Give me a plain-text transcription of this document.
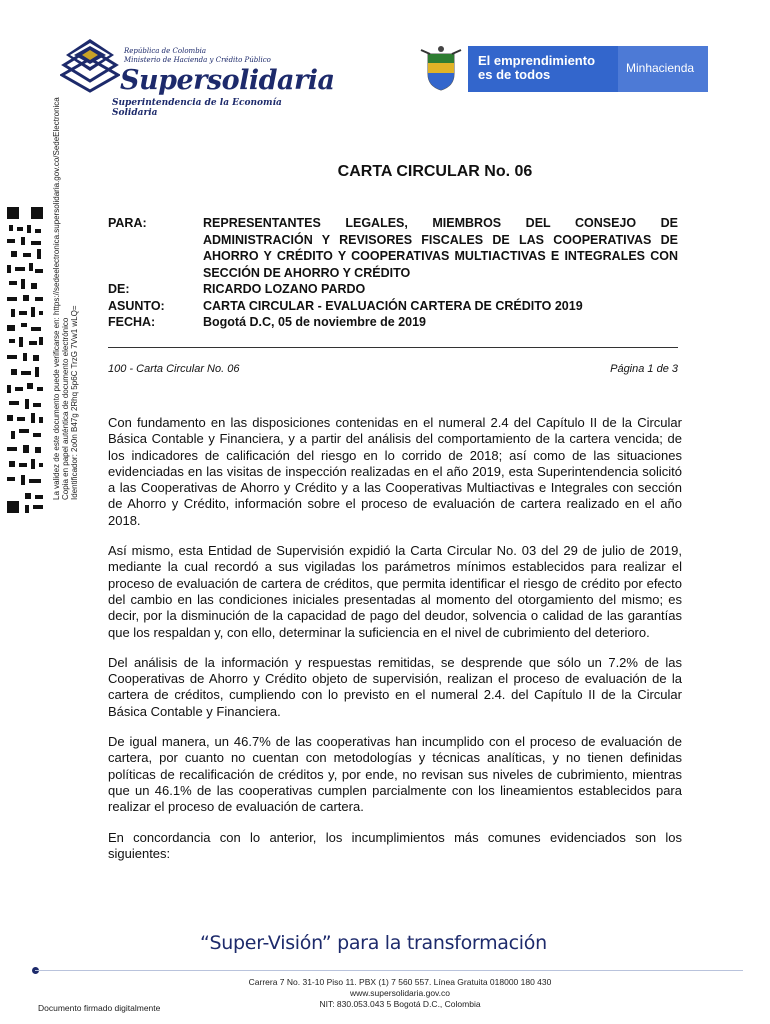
República de Colombia
Ministerio de Hacienda y Crédito Público
Supersolidaria
Superintendencia de la Economía Solidaria
El emprendimiento
es de todos	Minhacienda
La validez de este documento puede verificarse en: https://sedeelectronica.supersolidaria.gov.co/SedeElectronica Copia en papel auténtica de documento electrónico Identificador: 2o0n B47g 2Rhq 5p6C TrzG 7Vw1 wLQ=
CARTA CIRCULAR No. 06
PARA:	REPRESENTANTES LEGALES, MIEMBROS DEL CONSEJO DE ADMINISTRACIÓN Y REVISORES FISCALES DE LAS COOPERATIVAS DE AHORRO Y CRÉDITO Y COOPERATIVAS MULTIACTIVAS E INTEGRALES CON SECCIÓN DE AHORRO Y CRÉDITO
DE:	RICARDO LOZANO PARDO
ASUNTO:	CARTA CIRCULAR - EVALUACIÓN CARTERA DE CRÉDITO 2019
FECHA:	Bogotá D.C, 05 de noviembre de 2019
100 - Carta Circular No. 06	Página 1 de 3

Con fundamento en las disposiciones contenidas en el numeral 2.4 del Capítulo II de la Circular Básica Contable y Financiera, y a partir del análisis del comportamiento de la cartera vencida; de los indicadores de calificación del riesgo en lo corrido de 2018; así como de las situaciones evidenciadas en las visitas de inspección realizadas en el año 2019, esta Superintendencia solicitó a las Cooperativas de Ahorro y Crédito y a las Cooperativas Multiactivas e Integrales con sección de Ahorro y Crédito, información sobre el proceso de evaluación de cartera realizado en el año 2018.

Así mismo, esta Entidad de Supervisión expidió la Carta Circular No. 03 del 29 de julio de 2019, mediante la cual recordó a sus vigiladas los parámetros mínimos establecidos para realizar el proceso de evaluación de cartera de créditos, que permita identificar el riesgo de crédito por efecto del cambio en las condiciones iniciales presentadas al momento del otorgamiento del mismo; es decir, por la disminución de la capacidad de pago del deudor, solvencia o calidad de las garantías que los respaldan y, con ello, determinar la suficiencia en el nivel de cubrimiento del deterioro.

Del análisis de la información y respuestas remitidas, se desprende que sólo un 7.2% de las Cooperativas de Ahorro y Crédito objeto de supervisión, realizan el proceso de evaluación de la cartera de créditos, cumpliendo con lo previsto en el numeral 2.4. del Capítulo II de la Circular Básica Contable y Financiera.

De igual manera, un 46.7% de las cooperativas han incumplido con el proceso de evaluación de cartera, por cuanto no cuentan con metodologías y técnicas analíticas, y no tienen definidas políticas de recalificación de créditos y, por ende, no revisan sus niveles de cubrimiento, mientras que un 46.1% de las cooperativas cumplen parcialmente con los lineamientos establecidos para realizar el proceso de evaluación de cartera.

En concordancia con lo anterior, los incumplimientos más comunes evidenciados son los siguientes:

“Super-Visión” para la transformación
Carrera 7 No. 31-10 Piso 11. PBX (1) 7 560 557. Línea Gratuita 018000 180 430
www.supersolidaria.gov.co
NIT: 830.053.043 5 Bogotá D.C., Colombia
Documento firmado digitalmente
